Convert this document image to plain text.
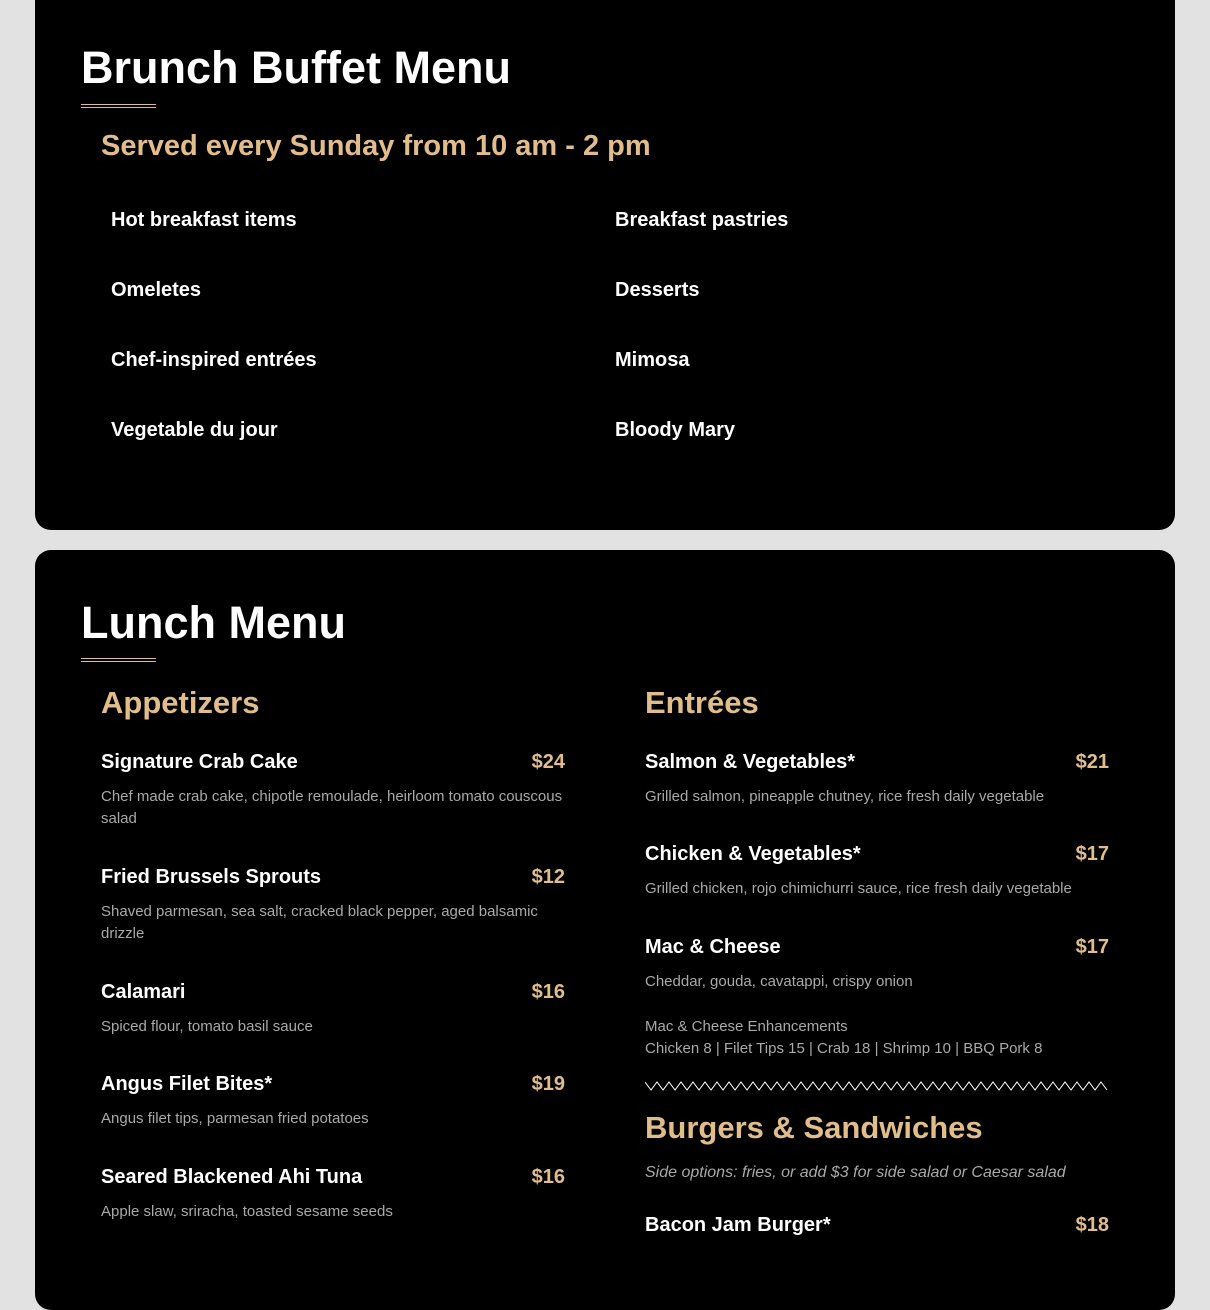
Brunch Buffet Menu
Served every Sunday from 10 am - 2 pm
Hot breakfast items
Omeletes
Chef-inspired entrées
Vegetable du jour
Breakfast pastries
Desserts
Mimosa
Bloody Mary
Lunch Menu
Appetizers
Signature Crab Cake	$24
Chef made crab cake, chipotle remoulade, heirloom tomato couscous salad
Fried Brussels Sprouts	$12
Shaved parmesan, sea salt, cracked black pepper, aged balsamic drizzle
Calamari	$16
Spiced flour, tomato basil sauce
Angus Filet Bites*	$19
Angus filet tips, parmesan fried potatoes
Seared Blackened Ahi Tuna	$16
Apple slaw, sriracha, toasted sesame seeds
Entrées
Salmon & Vegetables*	$21
Grilled salmon, pineapple chutney, rice fresh daily vegetable
Chicken & Vegetables*	$17
Grilled chicken, rojo chimichurri sauce, rice fresh daily vegetable
Mac & Cheese	$17
Cheddar, gouda, cavatappi, crispy onion
Mac & Cheese Enhancements
Chicken 8 | Filet Tips 15 | Crab 18 | Shrimp 10 | BBQ Pork 8
Burgers & Sandwiches
Side options: fries, or add $3 for side salad or Caesar salad
Bacon Jam Burger*	$18
